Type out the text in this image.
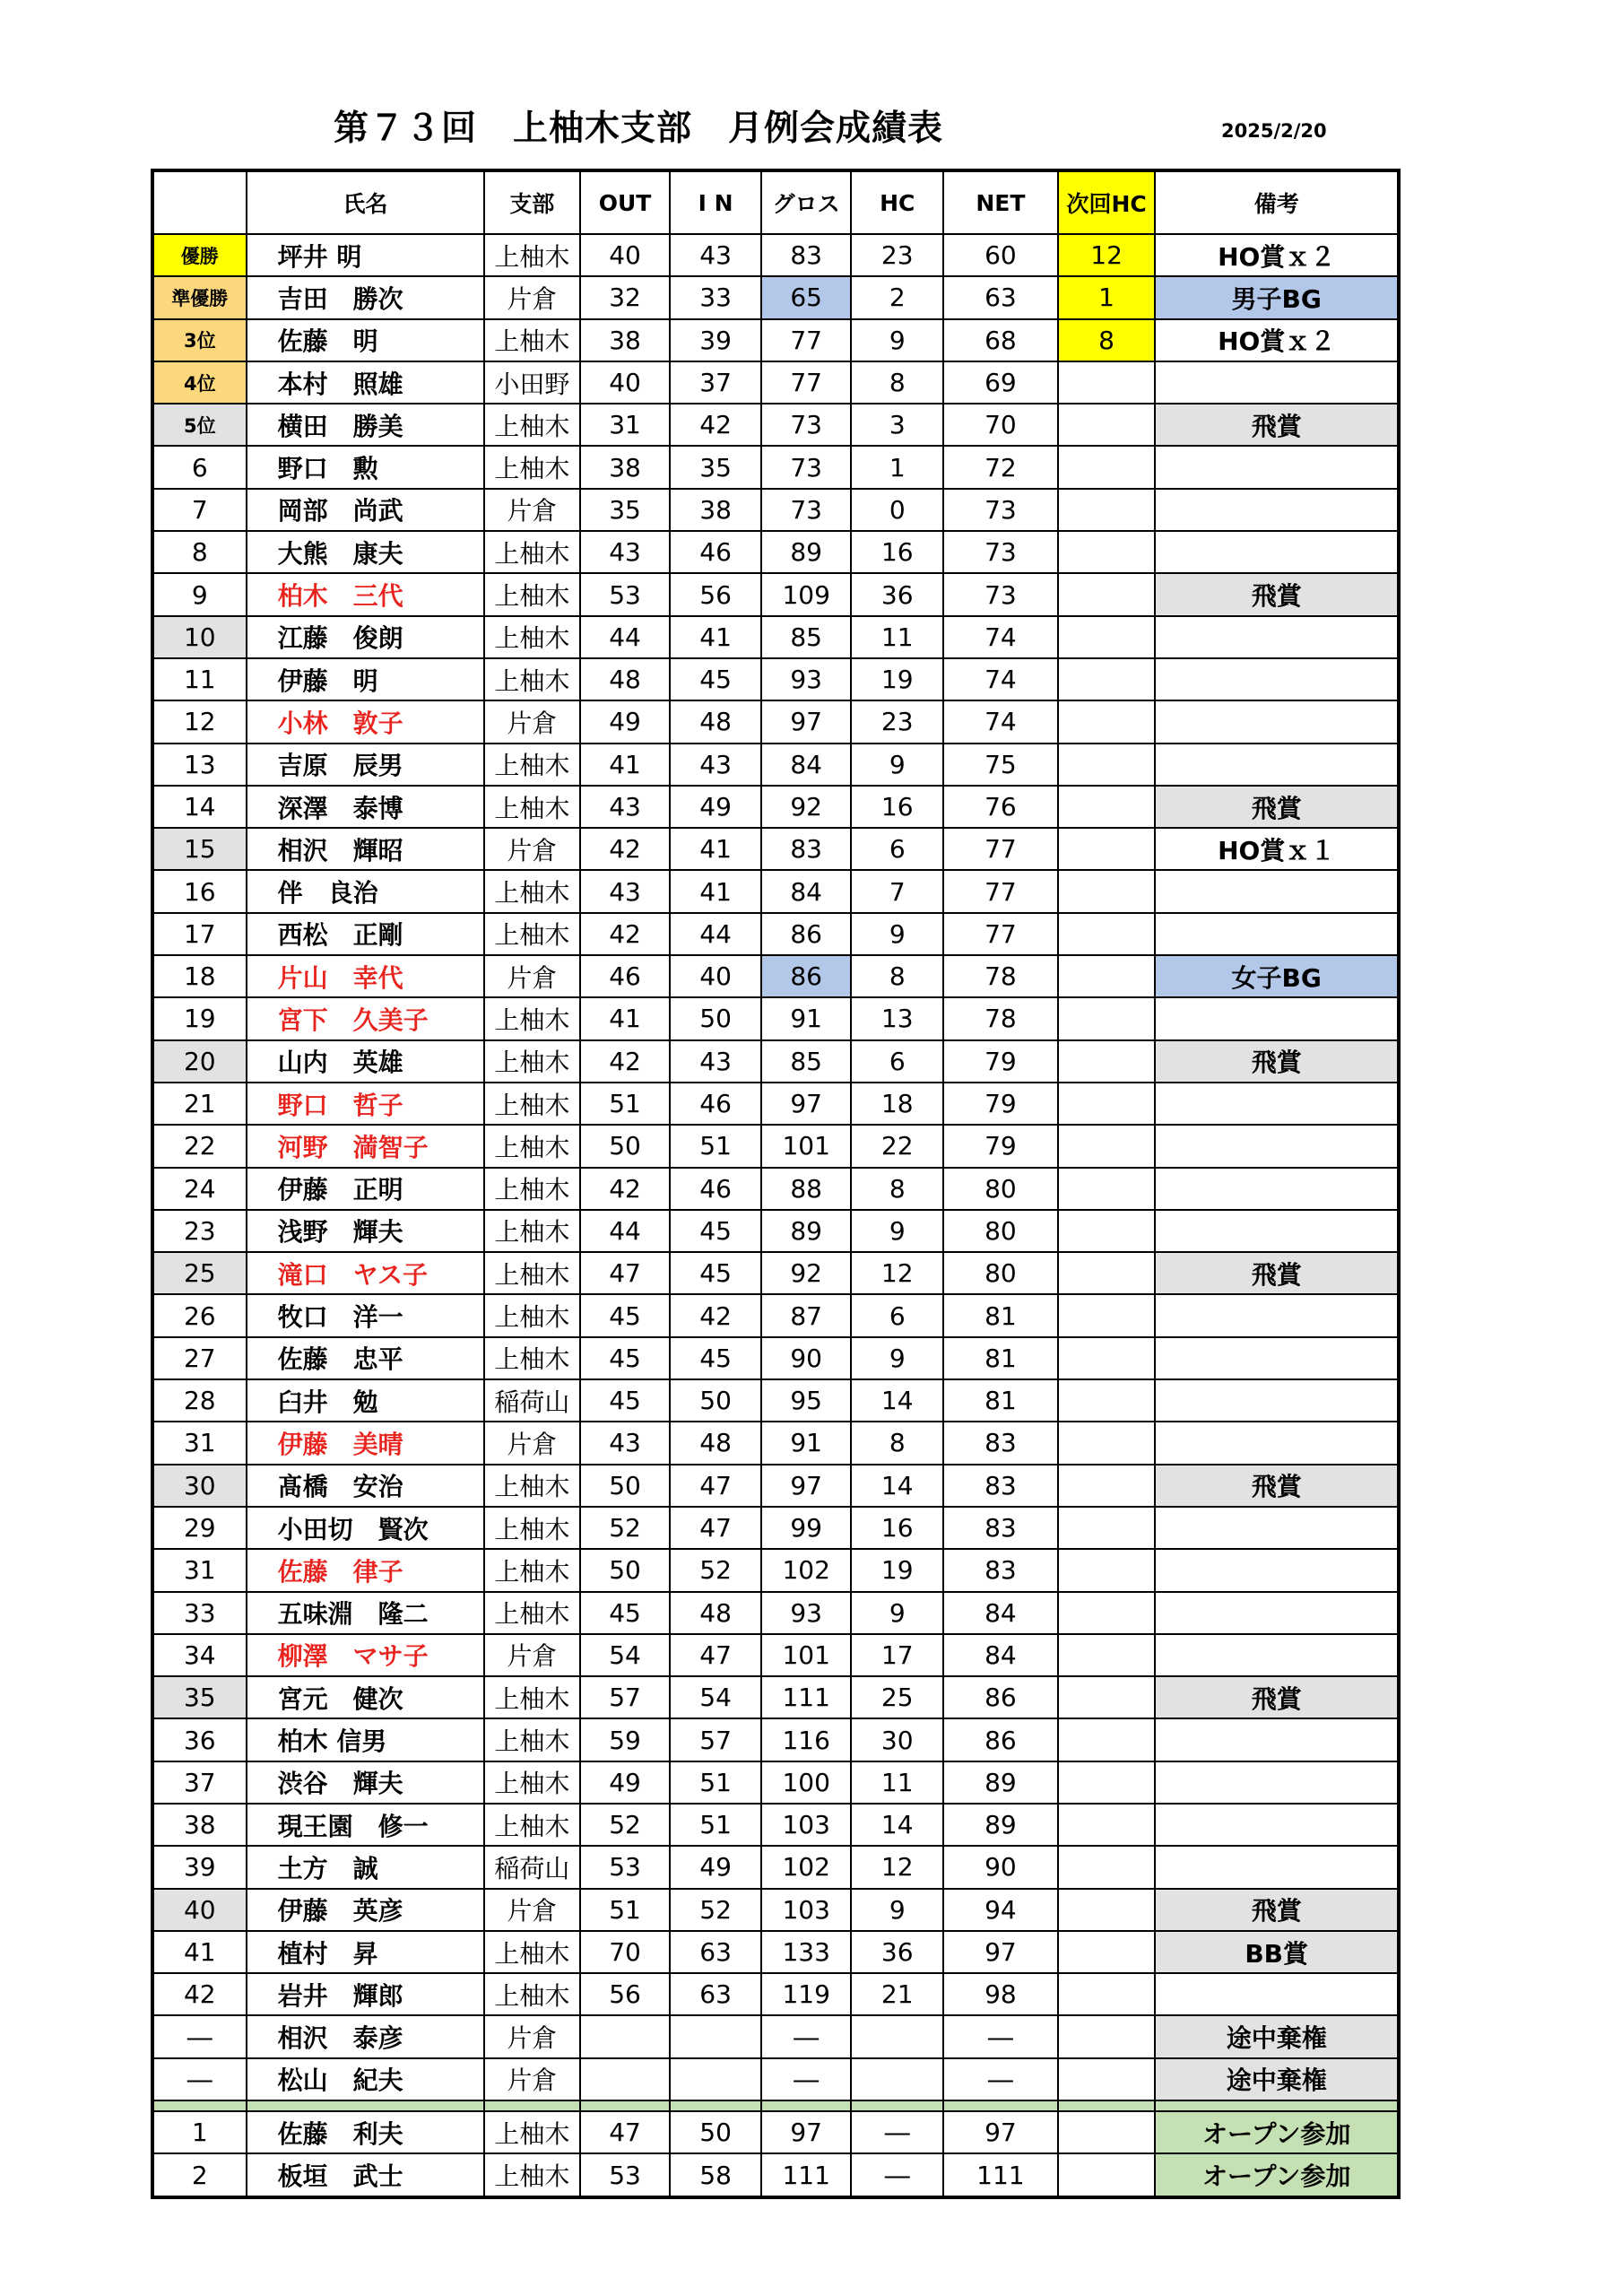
第７３回　上柚木支部　月例会成績表	2025/2/20
	氏名	支部	OUT	I N	グロス	HC	NET	次回HC	備考
優勝	坪井 明	上柚木	40	43	83	23	60	12	HO賞ｘ２
準優勝	吉田　勝次	片倉	32	33	65	2	63	1	男子BG
3位	佐藤　明	上柚木	38	39	77	9	68	8	HO賞ｘ２
4位	本村　照雄	小田野	40	37	77	8	69		
5位	横田　勝美	上柚木	31	42	73	3	70		飛賞
6	野口　勲	上柚木	38	35	73	1	72		
7	岡部　尚武	片倉	35	38	73	0	73		
8	大熊　康夫	上柚木	43	46	89	16	73		
9	柏木　三代	上柚木	53	56	109	36	73		飛賞
10	江藤　俊朗	上柚木	44	41	85	11	74		
11	伊藤　明	上柚木	48	45	93	19	74		
12	小林　敦子	片倉	49	48	97	23	74		
13	吉原　辰男	上柚木	41	43	84	9	75		
14	深澤　泰博	上柚木	43	49	92	16	76		飛賞
15	相沢　輝昭	片倉	42	41	83	6	77		HO賞ｘ１
16	伴　良治	上柚木	43	41	84	7	77		
17	西松　正剛	上柚木	42	44	86	9	77		
18	片山　幸代	片倉	46	40	86	8	78		女子BG
19	宮下　久美子	上柚木	41	50	91	13	78		
20	山内　英雄	上柚木	42	43	85	6	79		飛賞
21	野口　哲子	上柚木	51	46	97	18	79		
22	河野　満智子	上柚木	50	51	101	22	79		
24	伊藤　正明	上柚木	42	46	88	8	80		
23	浅野　輝夫	上柚木	44	45	89	9	80		
25	滝口　ヤス子	上柚木	47	45	92	12	80		飛賞
26	牧口　洋一	上柚木	45	42	87	6	81		
27	佐藤　忠平	上柚木	45	45	90	9	81		
28	臼井　勉	稲荷山	45	50	95	14	81		
31	伊藤　美晴	片倉	43	48	91	8	83		
30	髙橋　安治	上柚木	50	47	97	14	83		飛賞
29	小田切　賢次	上柚木	52	47	99	16	83		
31	佐藤　律子	上柚木	50	52	102	19	83		
33	五味淵　隆二	上柚木	45	48	93	9	84		
34	柳澤　マサ子	片倉	54	47	101	17	84		
35	宮元　健次	上柚木	57	54	111	25	86		飛賞
36	柏木 信男	上柚木	59	57	116	30	86		
37	渋谷　輝夫	上柚木	49	51	100	11	89		
38	現王園　修一	上柚木	52	51	103	14	89		
39	土方　誠	稲荷山	53	49	102	12	90		
40	伊藤　英彦	片倉	51	52	103	9	94		飛賞
41	植村　昇	上柚木	70	63	133	36	97		BB賞
42	岩井　輝郎	上柚木	56	63	119	21	98		
―	相沢　泰彦	片倉			―		―		途中棄権
―	松山　紀夫	片倉			―		―		途中棄権

1	佐藤　利夫	上柚木	47	50	97	―	97		オープン参加
2	板垣　武士	上柚木	53	58	111	―	111		オープン参加
